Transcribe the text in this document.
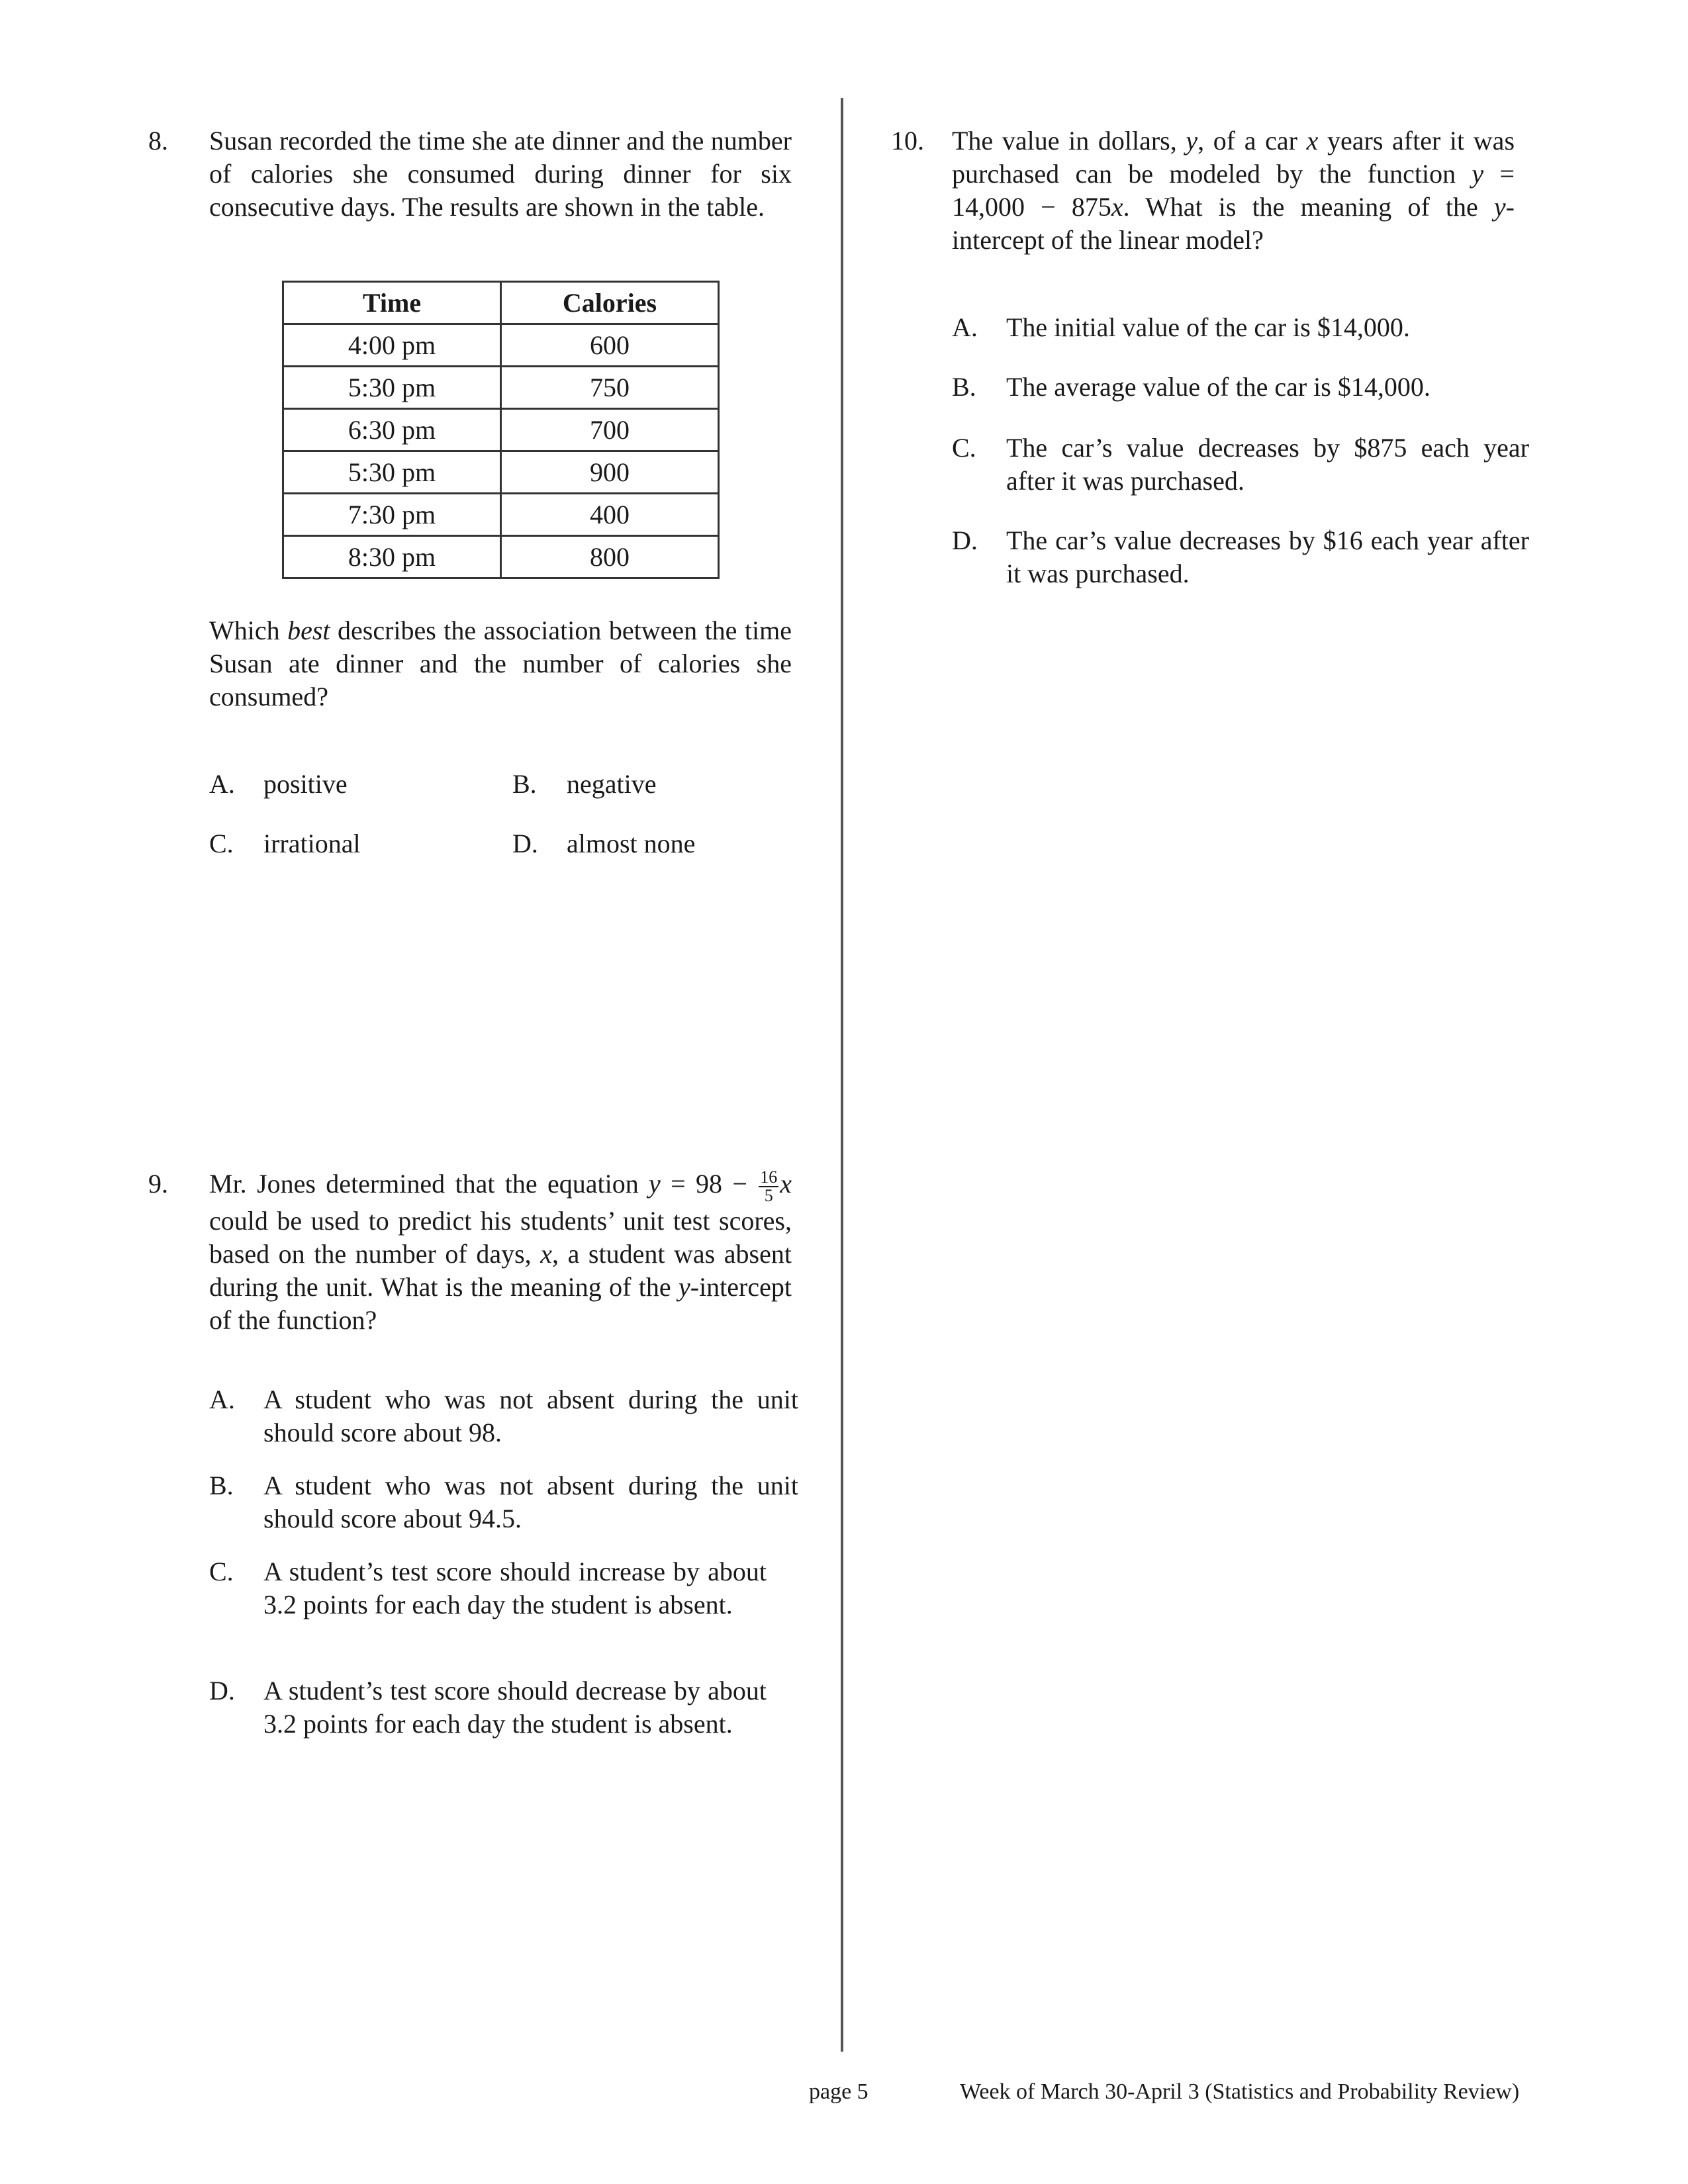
8. Susan recorded the time she ate dinner and the number of calories she consumed during dinner for six consecutive days. The results are shown in the table.
Time	Calories
4:00 pm	600
5:30 pm	750
6:30 pm	700
5:30 pm	900
7:30 pm	400
8:30 pm	800
Which best describes the association between the time Susan ate dinner and the number of calories she consumed?
A. positive	B. negative
C. irrational	D. almost none
9. Mr. Jones determined that the equation $y = 98 - \frac{16}{5}$ x could be used to predict his students’ unit test scores, based on the number of days, x, a student was absent during the unit. What is the meaning of the y-intercept of the function?
A. A student who was not absent during the unit should score about 98.
B. A student who was not absent during the unit should score about 94.5.
C. A student’s test score should increase by about 3.2 points for each day the student is absent.
D. A student’s test score should decrease by about 3.2 points for each day the student is absent.
10. The value in dollars, y, of a car x years after it was purchased can be modeled by the function y = 14,000 − 875x. What is the meaning of the y-intercept of the linear model?
A. The initial value of the car is $14,000.
B. The average value of the car is $14,000.
C. The car’s value decreases by $875 each year after it was purchased.
D. The car’s value decreases by $16 each year after it was purchased.
page 5	Week of March 30-April 3 (Statistics and Probability Review)
